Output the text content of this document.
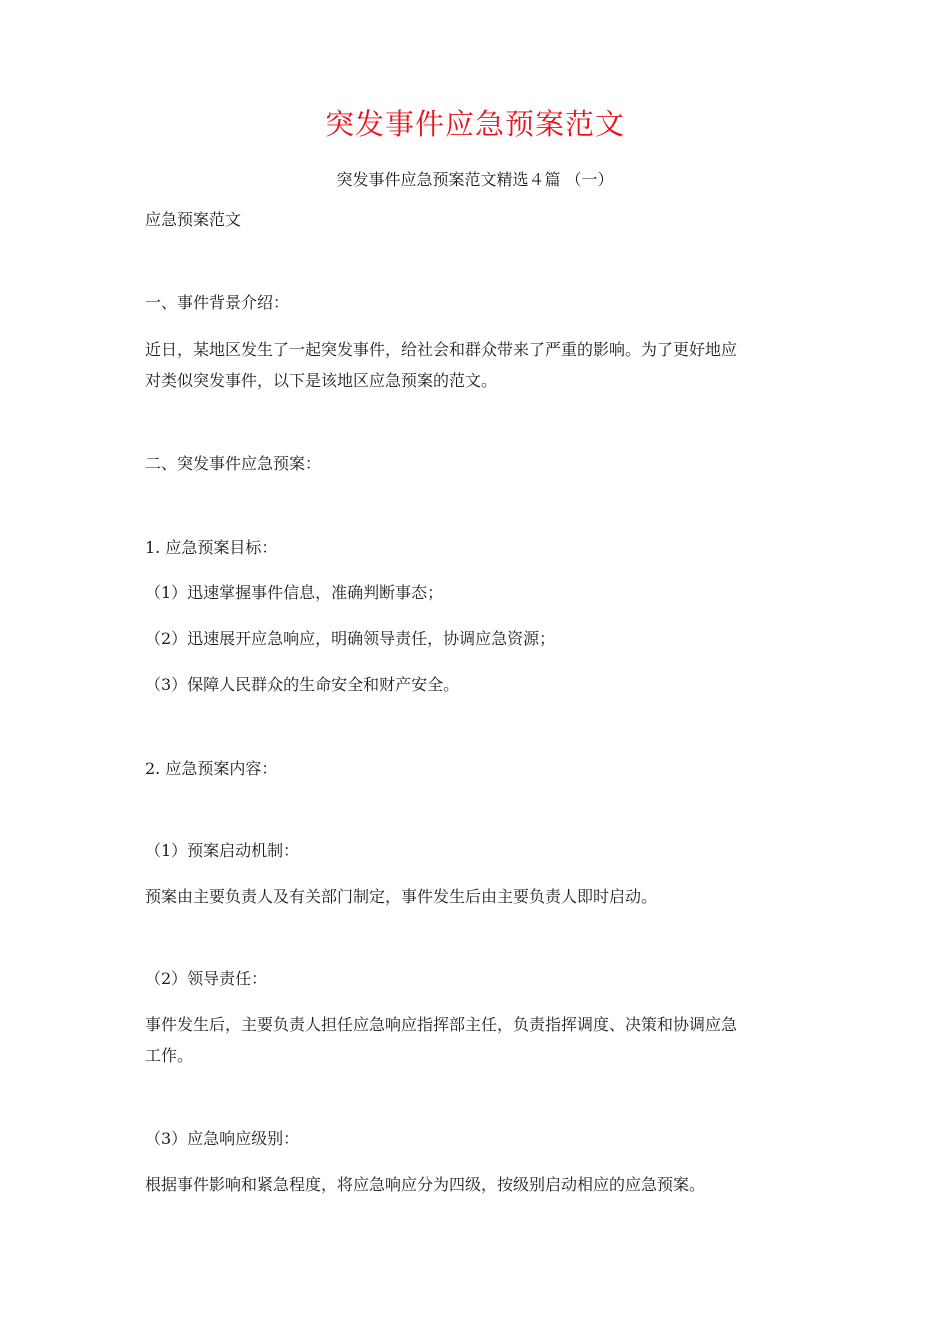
突发事件应急预案范文
突发事件应急预案范文精选４篇 （一）
应急预案范文
一、事件背景介绍：
近日，某地区发生了一起突发事件，给社会和群众带来了严重的影响。为了更好地应
对类似突发事件，以下是该地区应急预案的范文。
二、突发事件应急预案：
1. 应急预案目标：
（1）迅速掌握事件信息，准确判断事态；
（2）迅速展开应急响应，明确领导责任，协调应急资源；
（3）保障人民群众的生命安全和财产安全。
2. 应急预案内容：
（1）预案启动机制：
预案由主要负责人及有关部门制定，事件发生后由主要负责人即时启动。
（2）领导责任：
事件发生后，主要负责人担任应急响应指挥部主任，负责指挥调度、决策和协调应急
工作。
（3）应急响应级别：
根据事件影响和紧急程度，将应急响应分为四级，按级别启动相应的应急预案。
